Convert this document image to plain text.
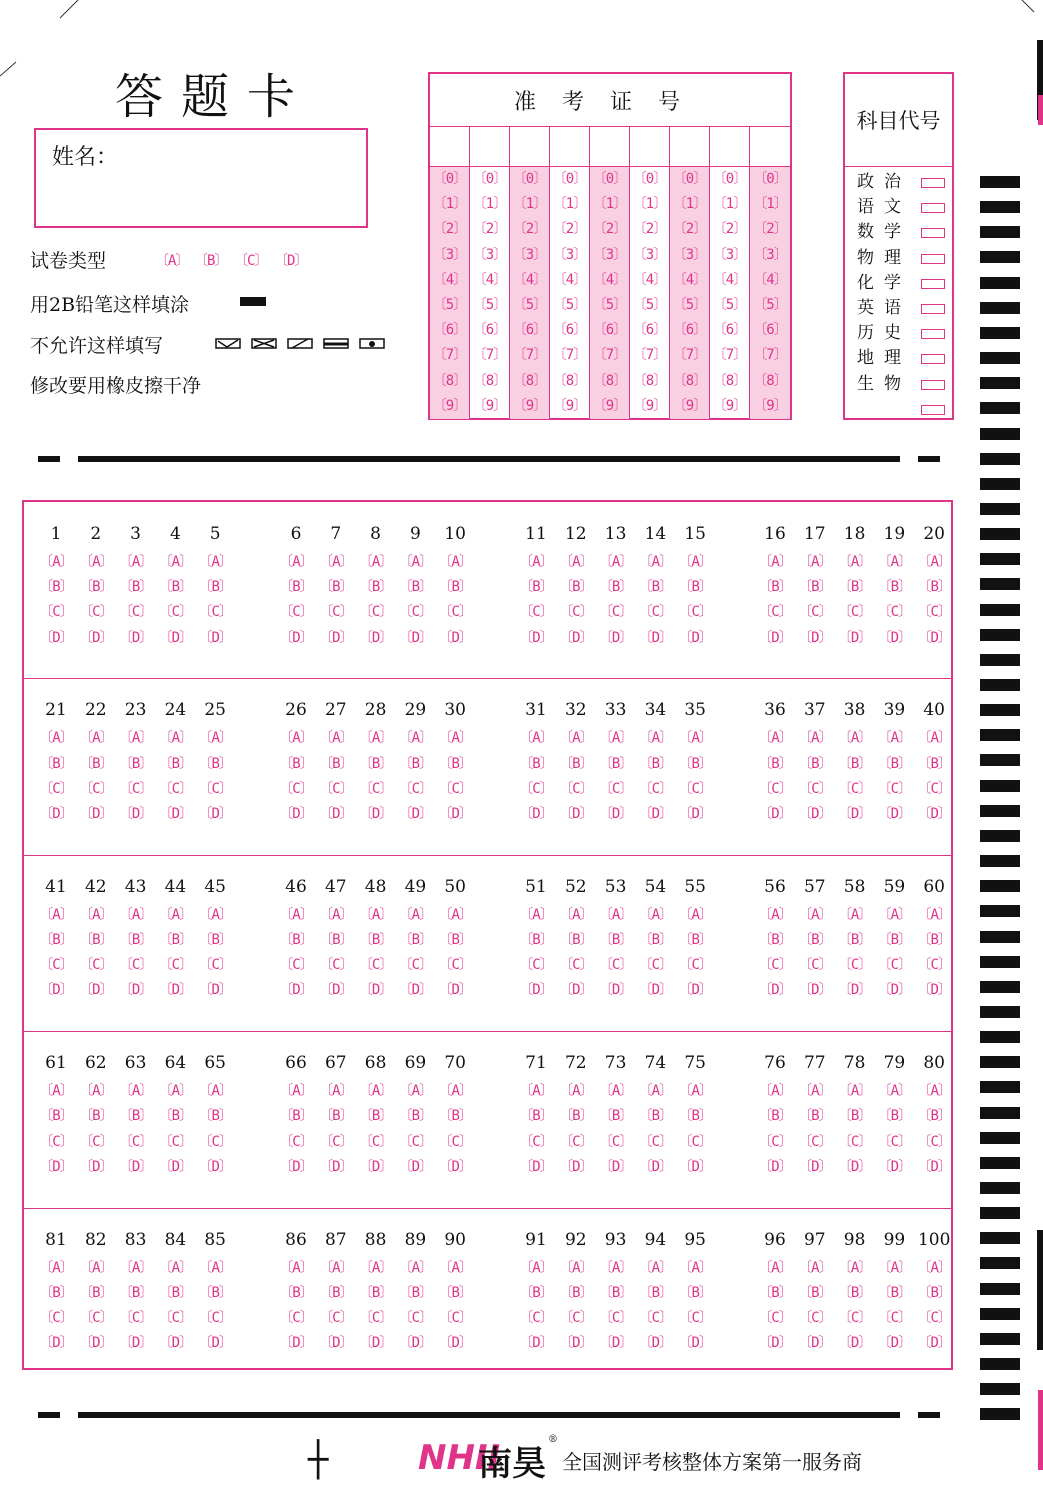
答题卡
姓名：
试卷类型	〔A〕 〔B〕 〔C〕 〔D〕
用2B铅笔这样填涂
不允许这样填写
修改要用橡皮擦干净
准考证号
〔0〕
〔1〕
〔2〕
〔3〕
〔4〕
〔5〕
〔6〕
〔7〕
〔8〕
〔9〕
〔0〕
〔1〕
〔2〕
〔3〕
〔4〕
〔5〕
〔6〕
〔7〕
〔8〕
〔9〕
〔0〕
〔1〕
〔2〕
〔3〕
〔4〕
〔5〕
〔6〕
〔7〕
〔8〕
〔9〕
〔0〕
〔1〕
〔2〕
〔3〕
〔4〕
〔5〕
〔6〕
〔7〕
〔8〕
〔9〕
〔0〕
〔1〕
〔2〕
〔3〕
〔4〕
〔5〕
〔6〕
〔7〕
〔8〕
〔9〕
〔0〕
〔1〕
〔2〕
〔3〕
〔4〕
〔5〕
〔6〕
〔7〕
〔8〕
〔9〕
〔0〕
〔1〕
〔2〕
〔3〕
〔4〕
〔5〕
〔6〕
〔7〕
〔8〕
〔9〕
〔0〕
〔1〕
〔2〕
〔3〕
〔4〕
〔5〕
〔6〕
〔7〕
〔8〕
〔9〕
〔0〕
〔1〕
〔2〕
〔3〕
〔4〕
〔5〕
〔6〕
〔7〕
〔8〕
〔9〕
科目代号
政治
语文
数学
物理
化学
英语
历史
地理
生物
1
〔A〕
〔B〕
〔C〕
〔D〕
2
〔A〕
〔B〕
〔C〕
〔D〕
3
〔A〕
〔B〕
〔C〕
〔D〕
4
〔A〕
〔B〕
〔C〕
〔D〕
5
〔A〕
〔B〕
〔C〕
〔D〕
6
〔A〕
〔B〕
〔C〕
〔D〕
7
〔A〕
〔B〕
〔C〕
〔D〕
8
〔A〕
〔B〕
〔C〕
〔D〕
9
〔A〕
〔B〕
〔C〕
〔D〕
10
〔A〕
〔B〕
〔C〕
〔D〕
11
〔A〕
〔B〕
〔C〕
〔D〕
12
〔A〕
〔B〕
〔C〕
〔D〕
13
〔A〕
〔B〕
〔C〕
〔D〕
14
〔A〕
〔B〕
〔C〕
〔D〕
15
〔A〕
〔B〕
〔C〕
〔D〕
16
〔A〕
〔B〕
〔C〕
〔D〕
17
〔A〕
〔B〕
〔C〕
〔D〕
18
〔A〕
〔B〕
〔C〕
〔D〕
19
〔A〕
〔B〕
〔C〕
〔D〕
20
〔A〕
〔B〕
〔C〕
〔D〕
21
〔A〕
〔B〕
〔C〕
〔D〕
22
〔A〕
〔B〕
〔C〕
〔D〕
23
〔A〕
〔B〕
〔C〕
〔D〕
24
〔A〕
〔B〕
〔C〕
〔D〕
25
〔A〕
〔B〕
〔C〕
〔D〕
26
〔A〕
〔B〕
〔C〕
〔D〕
27
〔A〕
〔B〕
〔C〕
〔D〕
28
〔A〕
〔B〕
〔C〕
〔D〕
29
〔A〕
〔B〕
〔C〕
〔D〕
30
〔A〕
〔B〕
〔C〕
〔D〕
31
〔A〕
〔B〕
〔C〕
〔D〕
32
〔A〕
〔B〕
〔C〕
〔D〕
33
〔A〕
〔B〕
〔C〕
〔D〕
34
〔A〕
〔B〕
〔C〕
〔D〕
35
〔A〕
〔B〕
〔C〕
〔D〕
36
〔A〕
〔B〕
〔C〕
〔D〕
37
〔A〕
〔B〕
〔C〕
〔D〕
38
〔A〕
〔B〕
〔C〕
〔D〕
39
〔A〕
〔B〕
〔C〕
〔D〕
40
〔A〕
〔B〕
〔C〕
〔D〕
41
〔A〕
〔B〕
〔C〕
〔D〕
42
〔A〕
〔B〕
〔C〕
〔D〕
43
〔A〕
〔B〕
〔C〕
〔D〕
44
〔A〕
〔B〕
〔C〕
〔D〕
45
〔A〕
〔B〕
〔C〕
〔D〕
46
〔A〕
〔B〕
〔C〕
〔D〕
47
〔A〕
〔B〕
〔C〕
〔D〕
48
〔A〕
〔B〕
〔C〕
〔D〕
49
〔A〕
〔B〕
〔C〕
〔D〕
50
〔A〕
〔B〕
〔C〕
〔D〕
51
〔A〕
〔B〕
〔C〕
〔D〕
52
〔A〕
〔B〕
〔C〕
〔D〕
53
〔A〕
〔B〕
〔C〕
〔D〕
54
〔A〕
〔B〕
〔C〕
〔D〕
55
〔A〕
〔B〕
〔C〕
〔D〕
56
〔A〕
〔B〕
〔C〕
〔D〕
57
〔A〕
〔B〕
〔C〕
〔D〕
58
〔A〕
〔B〕
〔C〕
〔D〕
59
〔A〕
〔B〕
〔C〕
〔D〕
60
〔A〕
〔B〕
〔C〕
〔D〕
61
〔A〕
〔B〕
〔C〕
〔D〕
62
〔A〕
〔B〕
〔C〕
〔D〕
63
〔A〕
〔B〕
〔C〕
〔D〕
64
〔A〕
〔B〕
〔C〕
〔D〕
65
〔A〕
〔B〕
〔C〕
〔D〕
66
〔A〕
〔B〕
〔C〕
〔D〕
67
〔A〕
〔B〕
〔C〕
〔D〕
68
〔A〕
〔B〕
〔C〕
〔D〕
69
〔A〕
〔B〕
〔C〕
〔D〕
70
〔A〕
〔B〕
〔C〕
〔D〕
71
〔A〕
〔B〕
〔C〕
〔D〕
72
〔A〕
〔B〕
〔C〕
〔D〕
73
〔A〕
〔B〕
〔C〕
〔D〕
74
〔A〕
〔B〕
〔C〕
〔D〕
75
〔A〕
〔B〕
〔C〕
〔D〕
76
〔A〕
〔B〕
〔C〕
〔D〕
77
〔A〕
〔B〕
〔C〕
〔D〕
78
〔A〕
〔B〕
〔C〕
〔D〕
79
〔A〕
〔B〕
〔C〕
〔D〕
80
〔A〕
〔B〕
〔C〕
〔D〕
81
〔A〕
〔B〕
〔C〕
〔D〕
82
〔A〕
〔B〕
〔C〕
〔D〕
83
〔A〕
〔B〕
〔C〕
〔D〕
84
〔A〕
〔B〕
〔C〕
〔D〕
85
〔A〕
〔B〕
〔C〕
〔D〕
86
〔A〕
〔B〕
〔C〕
〔D〕
87
〔A〕
〔B〕
〔C〕
〔D〕
88
〔A〕
〔B〕
〔C〕
〔D〕
89
〔A〕
〔B〕
〔C〕
〔D〕
90
〔A〕
〔B〕
〔C〕
〔D〕
91
〔A〕
〔B〕
〔C〕
〔D〕
92
〔A〕
〔B〕
〔C〕
〔D〕
93
〔A〕
〔B〕
〔C〕
〔D〕
94
〔A〕
〔B〕
〔C〕
〔D〕
95
〔A〕
〔B〕
〔C〕
〔D〕
96
〔A〕
〔B〕
〔C〕
〔D〕
97
〔A〕
〔B〕
〔C〕
〔D〕
98
〔A〕
〔B〕
〔C〕
〔D〕
99
〔A〕
〔B〕
〔C〕
〔D〕
100
〔A〕
〔B〕
〔C〕
〔D〕
┼	NHII
南昊
®
全国测评考核整体方案第一服务商
